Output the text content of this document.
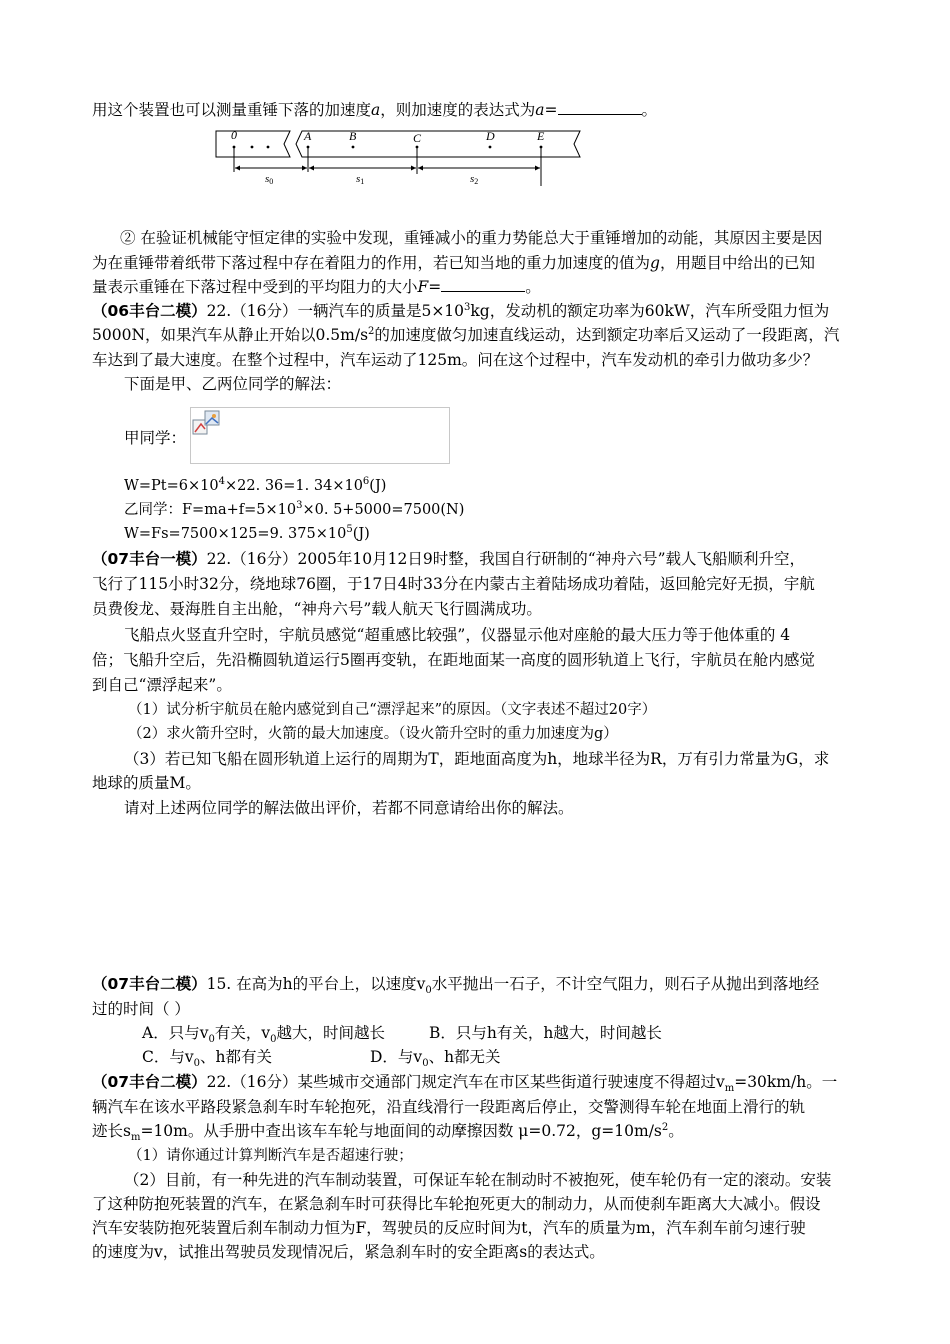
用这个装置也可以测量重锤下落的加速度a，则加速度的表达式为a=	。
0	A	B	C	D	E
s0	s1	s2
② 在验证机械能守恒定律的实验中发现，重锤减小的重力势能总大于重锤增加的动能，其原因主要是因
为在重锤带着纸带下落过程中存在着阻力的作用，若已知当地的重力加速度的值为g，用题目中给出的已知
量表示重锤在下落过程中受到的平均阻力的大小F=	。
（06丰台二模）22.（16分）一辆汽车的质量是$5\times 10^3kg$，发动机的额定功率为60kW，汽车所受阻力恒为
5000N，如果汽车从静止开始以$0.5m/s^2$的加速度做匀加速直线运动，达到额定功率后又运动了一段距离，汽
车达到了最大速度。在整个过程中，汽车运动了125m。问在这个过程中，汽车发动机的牵引力做功多少？
下面是甲、乙两位同学的解法：
甲同学：
$W=Pt=6\times 10^4\times 22$. 36=1. $34\times 10^6(J)$
乙同学：$F=ma+f=5\times 10^3\times 0$. 5+5000=7500(N)
W=Fs=7500×125=9. $375\times 10^5(J)$
（07丰台一模）22.（16分）2005年10月12日9时整，我国自行研制的“神舟六号”载人飞船顺利升空，
飞行了115小时32分，绕地球76圈，于17日4时33分在内蒙古主着陆场成功着陆，返回舱完好无损，宇航
员费俊龙、聂海胜自主出舱，“神舟六号”载人航天飞行圆满成功。
飞船点火竖直升空时，宇航员感觉“超重感比较强”，仪器显示他对座舱的最大压力等于他体重的 4
倍；飞船升空后，先沿椭圆轨道运行5圈再变轨，在距地面某一高度的圆形轨道上飞行，宇航员在舱内感觉
到自己“漂浮起来”。
（1）试分析宇航员在舱内感觉到自己“漂浮起来”的原因。（文字表述不超过20字）
（2）求火箭升空时，火箭的最大加速度。（设火箭升空时的重力加速度为g）
（3）若已知飞船在圆形轨道上运行的周期为T，距地面高度为h，地球半径为R，万有引力常量为G，求
地球的质量M。
请对上述两位同学的解法做出评价，若都不同意请给出你的解法。
（07丰台二模）15. 在高为h的平台上，以速度$v_0$水平抛出一石子，不计空气阻力，则石子从抛出到落地经
过的时间（ ）
A．只与$v_0$有关，$v_0$越大，时间越长	B．只与h有关，h越大，时间越长
C．与$v_0$、h都有关	D．与$v_0$、h都无关
（07丰台二模）22.（16分）某些城市交通部门规定汽车在市区某些街道行驶速度不得超过$v_m=30km/h$。一
辆汽车在该水平路段紧急刹车时车轮抱死，沿直线滑行一段距离后停止，交警测得车轮在地面上滑行的轨
迹长$s_m=10m$。从手册中查出该车车轮与地面间的动摩擦因数 μ=0.72，$g=10m/s^2$。
（1）请你通过计算判断汽车是否超速行驶；
（2）目前，有一种先进的汽车制动装置，可保证车轮在制动时不被抱死，使车轮仍有一定的滚动。安装
了这种防抱死装置的汽车，在紧急刹车时可获得比车轮抱死更大的制动力，从而使刹车距离大大减小。假设
汽车安装防抱死装置后刹车制动力恒为F，驾驶员的反应时间为t，汽车的质量为m，汽车刹车前匀速行驶
的速度为v，试推出驾驶员发现情况后，紧急刹车时的安全距离s的表达式。
